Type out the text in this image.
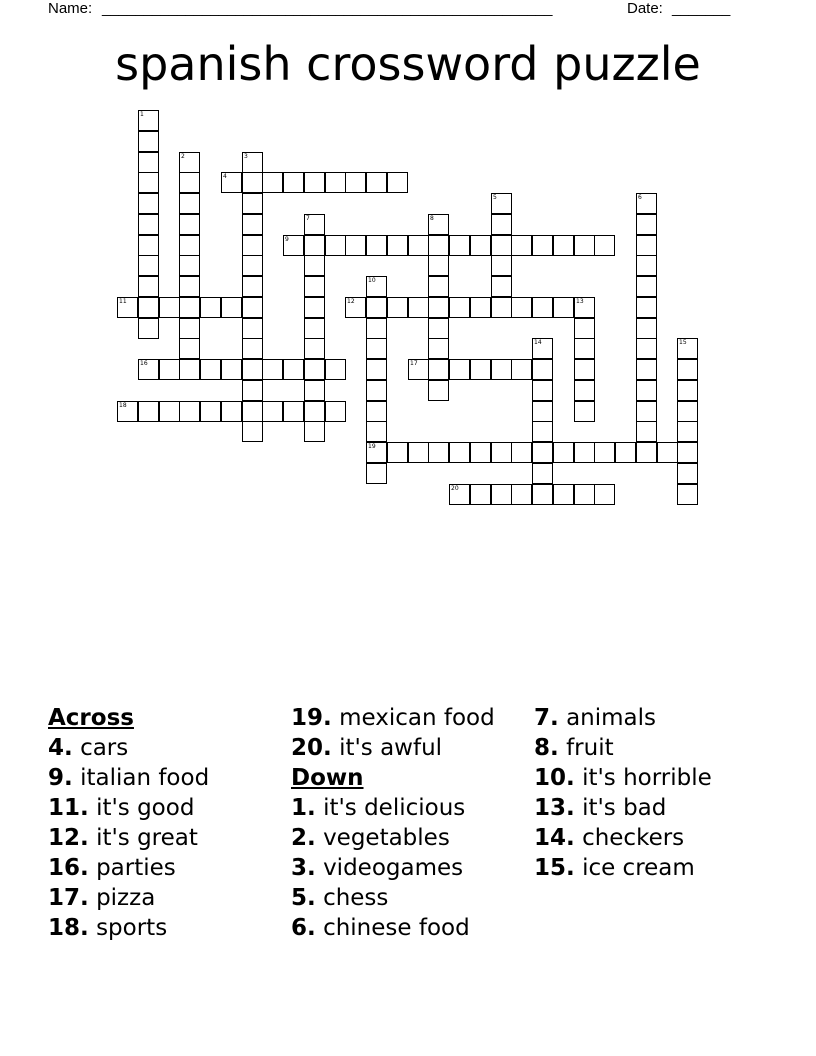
Name: ______________________________________________________	Date: _______
spanish crossword puzzle
1
2	3
4
5	6
7	8
9
10
19
11	12	13
14	15
16	17
18
20
Across
4. cars
9. italian food
11. it's good
12. it's great
16. parties
17. pizza
18. sports
19. mexican food
20. it's awful
Down
1. it's delicious
2. vegetables
3. videogames
5. chess
6. chinese food
7. animals
8. fruit
10. it's horrible
13. it's bad
14. checkers
15. ice cream
